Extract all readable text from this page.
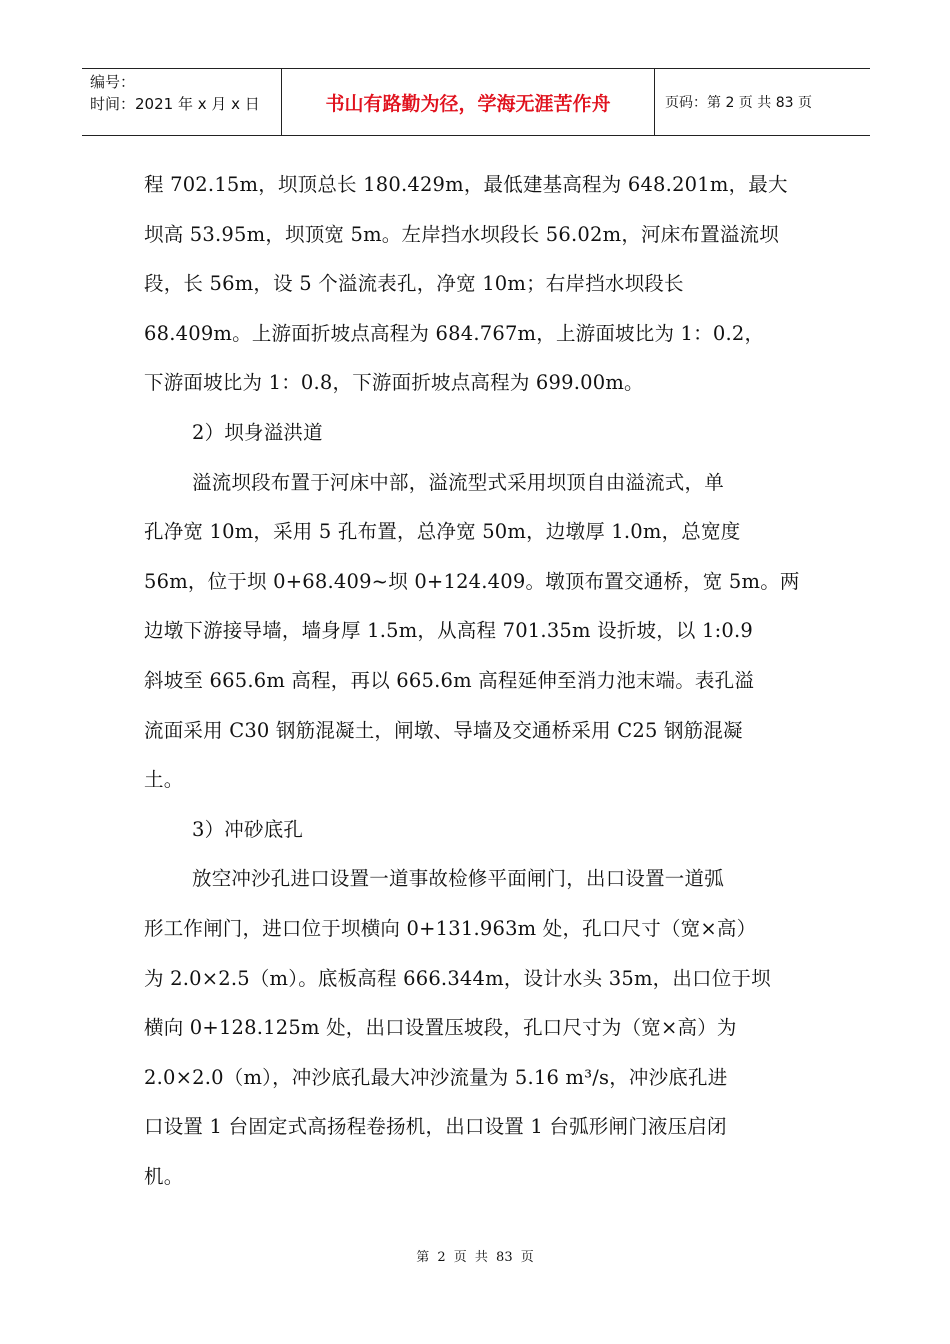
编号：
时间：2021 年 x 月 x 日	书山有路勤为径，学海无涯苦作舟	页码：第 2 页 共 83 页
程 702.15m，坝顶总长 180.429m，最低建基高程为 648.201m，最大
坝高 53.95m，坝顶宽 5m。左岸挡水坝段长 56.02m，河床布置溢流坝
段，长 56m，设 5 个溢流表孔，净宽 10m；右岸挡水坝段长
68.409m。上游面折坡点高程为 684.767m，上游面坡比为 1：0.2，
下游面坡比为 1：0.8，下游面折坡点高程为 699.00m。
2）坝身溢洪道
溢流坝段布置于河床中部，溢流型式采用坝顶自由溢流式，单
孔净宽 10m，采用 5 孔布置，总净宽 50m，边墩厚 1.0m，总宽度
56m，位于坝 0+68.409~坝 0+124.409。墩顶布置交通桥，宽 5m。两
边墩下游接导墙，墙身厚 1.5m，从高程 701.35m 设折坡，以 1:0.9
斜坡至 665.6m 高程，再以 665.6m 高程延伸至消力池末端。表孔溢
流面采用 C30 钢筋混凝土，闸墩、导墙及交通桥采用 C25 钢筋混凝
土。
3）冲砂底孔
放空冲沙孔进口设置一道事故检修平面闸门，出口设置一道弧
形工作闸门，进口位于坝横向 0+131.963m 处，孔口尺寸（宽×高）
为 2.0×2.5（m）。底板高程 666.344m，设计水头 35m，出口位于坝
横向 0+128.125m 处，出口设置压坡段，孔口尺寸为（宽×高）为
2.0×2.0（m），冲沙底孔最大冲沙流量为 5.16 m³/s，冲沙底孔进
口设置 1 台固定式高扬程卷扬机，出口设置 1 台弧形闸门液压启闭
机。
第 2 页 共 83 页
